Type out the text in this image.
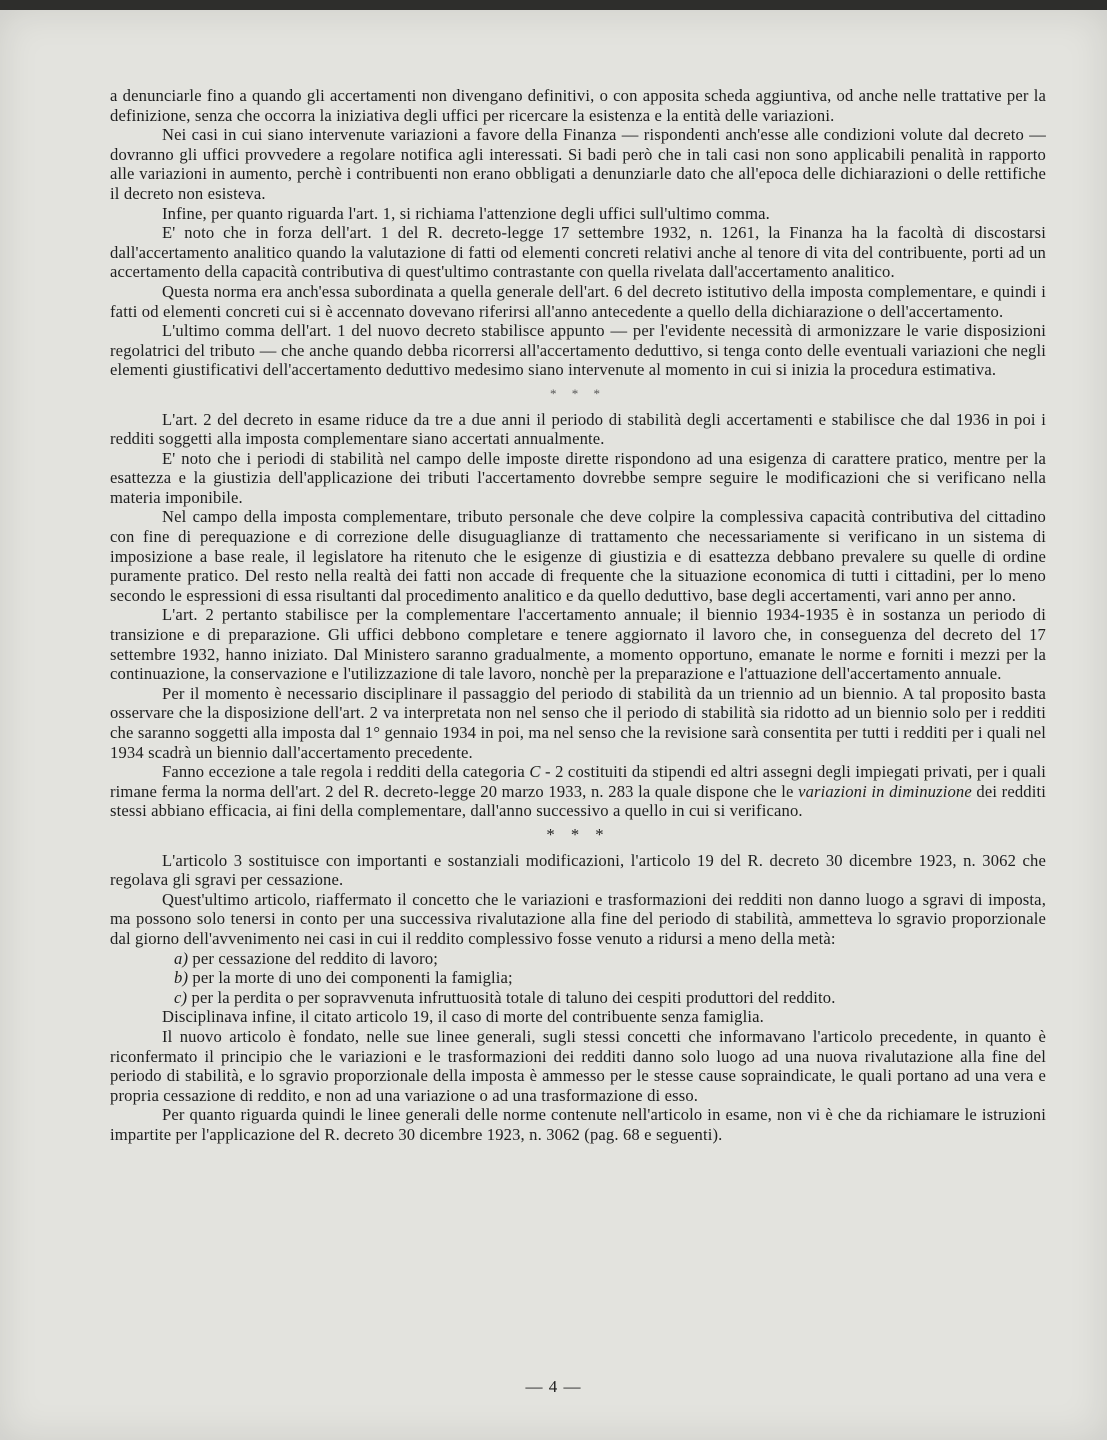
a denunciarle fino a quando gli accertamenti non divengano definitivi, o con apposita scheda aggiuntiva, od anche nelle trattative per la definizione, senza che occorra la iniziativa degli uffici per ricercare la esistenza e la entità delle variazioni.

Nei casi in cui siano intervenute variazioni a favore della Finanza — rispondenti anch'esse alle condizioni volute dal decreto — dovranno gli uffici provvedere a regolare notifica agli interessati. Si badi però che in tali casi non sono applicabili penalità in rapporto alle variazioni in aumento, perchè i contribuenti non erano obbligati a denunziarle dato che all'epoca delle dichiarazioni o delle rettifiche il decreto non esisteva.

Infine, per quanto riguarda l'art. 1, si richiama l'attenzione degli uffici sull'ultimo comma.

E' noto che in forza dell'art. 1 del R. decreto-legge 17 settembre 1932, n. 1261, la Finanza ha la facoltà di discostarsi dall'accertamento analitico quando la valutazione di fatti od elementi concreti relativi anche al tenore di vita del contribuente, porti ad un accertamento della capacità contributiva di quest'ultimo contrastante con quella rivelata dall'accertamento analitico.

Questa norma era anch'essa subordinata a quella generale dell'art. 6 del decreto istitutivo della imposta complementare, e quindi i fatti od elementi concreti cui si è accennato dovevano riferirsi all'anno antecedente a quello della dichiarazione o dell'accertamento.

L'ultimo comma dell'art. 1 del nuovo decreto stabilisce appunto — per l'evidente necessità di armonizzare le varie disposizioni regolatrici del tributo — che anche quando debba ricorrersi all'accertamento deduttivo, si tenga conto delle eventuali variazioni che negli elementi giustificativi dell'accertamento deduttivo medesimo siano intervenute al momento in cui si inizia la procedura estimativa.

* * *

L'art. 2 del decreto in esame riduce da tre a due anni il periodo di stabilità degli accertamenti e stabilisce che dal 1936 in poi i redditi soggetti alla imposta complementare siano accertati annualmente.

E' noto che i periodi di stabilità nel campo delle imposte dirette rispondono ad una esigenza di carattere pratico, mentre per la esattezza e la giustizia dell'applicazione dei tributi l'accertamento dovrebbe sempre seguire le modificazioni che si verificano nella materia imponibile.

Nel campo della imposta complementare, tributo personale che deve colpire la complessiva capacità contributiva del cittadino con fine di perequazione e di correzione delle disuguaglianze di trattamento che necessariamente si verificano in un sistema di imposizione a base reale, il legislatore ha ritenuto che le esigenze di giustizia e di esattezza debbano prevalere su quelle di ordine puramente pratico. Del resto nella realtà dei fatti non accade di frequente che la situazione economica di tutti i cittadini, per lo meno secondo le espressioni di essa risultanti dal procedimento analitico e da quello deduttivo, base degli accertamenti, vari anno per anno.

L'art. 2 pertanto stabilisce per la complementare l'accertamento annuale; il biennio 1934-1935 è in sostanza un periodo di transizione e di preparazione. Gli uffici debbono completare e tenere aggiornato il lavoro che, in conseguenza del decreto del 17 settembre 1932, hanno iniziato. Dal Ministero saranno gradualmente, a momento opportuno, emanate le norme e forniti i mezzi per la continuazione, la conservazione e l'utilizzazione di tale lavoro, nonchè per la preparazione e l'attuazione dell'accertamento annuale.

Per il momento è necessario disciplinare il passaggio del periodo di stabilità da un triennio ad un biennio. A tal proposito basta osservare che la disposizione dell'art. 2 va interpretata non nel senso che il periodo di stabilità sia ridotto ad un biennio solo per i redditi che saranno soggetti alla imposta dal 1° gennaio 1934 in poi, ma nel senso che la revisione sarà consentita per tutti i redditi per i quali nel 1934 scadrà un biennio dall'accertamento precedente.

Fanno eccezione a tale regola i redditi della categoria C - 2 costituiti da stipendi ed altri assegni degli impiegati privati, per i quali rimane ferma la norma dell'art. 2 del R. decreto-legge 20 marzo 1933, n. 283 la quale dispone che le variazioni in diminuzione dei redditi stessi abbiano efficacia, ai fini della complementare, dall'anno successivo a quello in cui si verificano.

* * *

L'articolo 3 sostituisce con importanti e sostanziali modificazioni, l'articolo 19 del R. decreto 30 dicembre 1923, n. 3062 che regolava gli sgravi per cessazione.

Quest'ultimo articolo, riaffermato il concetto che le variazioni e trasformazioni dei redditi non danno luogo a sgravi di imposta, ma possono solo tenersi in conto per una successiva rivalutazione alla fine del periodo di stabilità, ammetteva lo sgravio proporzionale dal giorno dell'avvenimento nei casi in cui il reddito complessivo fosse venuto a ridursi a meno della metà:

a) per cessazione del reddito di lavoro;

b) per la morte di uno dei componenti la famiglia;

c) per la perdita o per sopravvenuta infruttuosità totale di taluno dei cespiti produttori del reddito.

Disciplinava infine, il citato articolo 19, il caso di morte del contribuente senza famiglia.

Il nuovo articolo è fondato, nelle sue linee generali, sugli stessi concetti che informavano l'articolo precedente, in quanto è riconfermato il principio che le variazioni e le trasformazioni dei redditi danno solo luogo ad una nuova rivalutazione alla fine del periodo di stabilità, e lo sgravio proporzionale della imposta è ammesso per le stesse cause sopraindicate, le quali portano ad una vera e propria cessazione di reddito, e non ad una variazione o ad una trasformazione di esso.

Per quanto riguarda quindi le linee generali delle norme contenute nell'articolo in esame, non vi è che da richiamare le istruzioni impartite per l'applicazione del R. decreto 30 dicembre 1923, n. 3062 (pag. 68 e seguenti).

— 4 —
